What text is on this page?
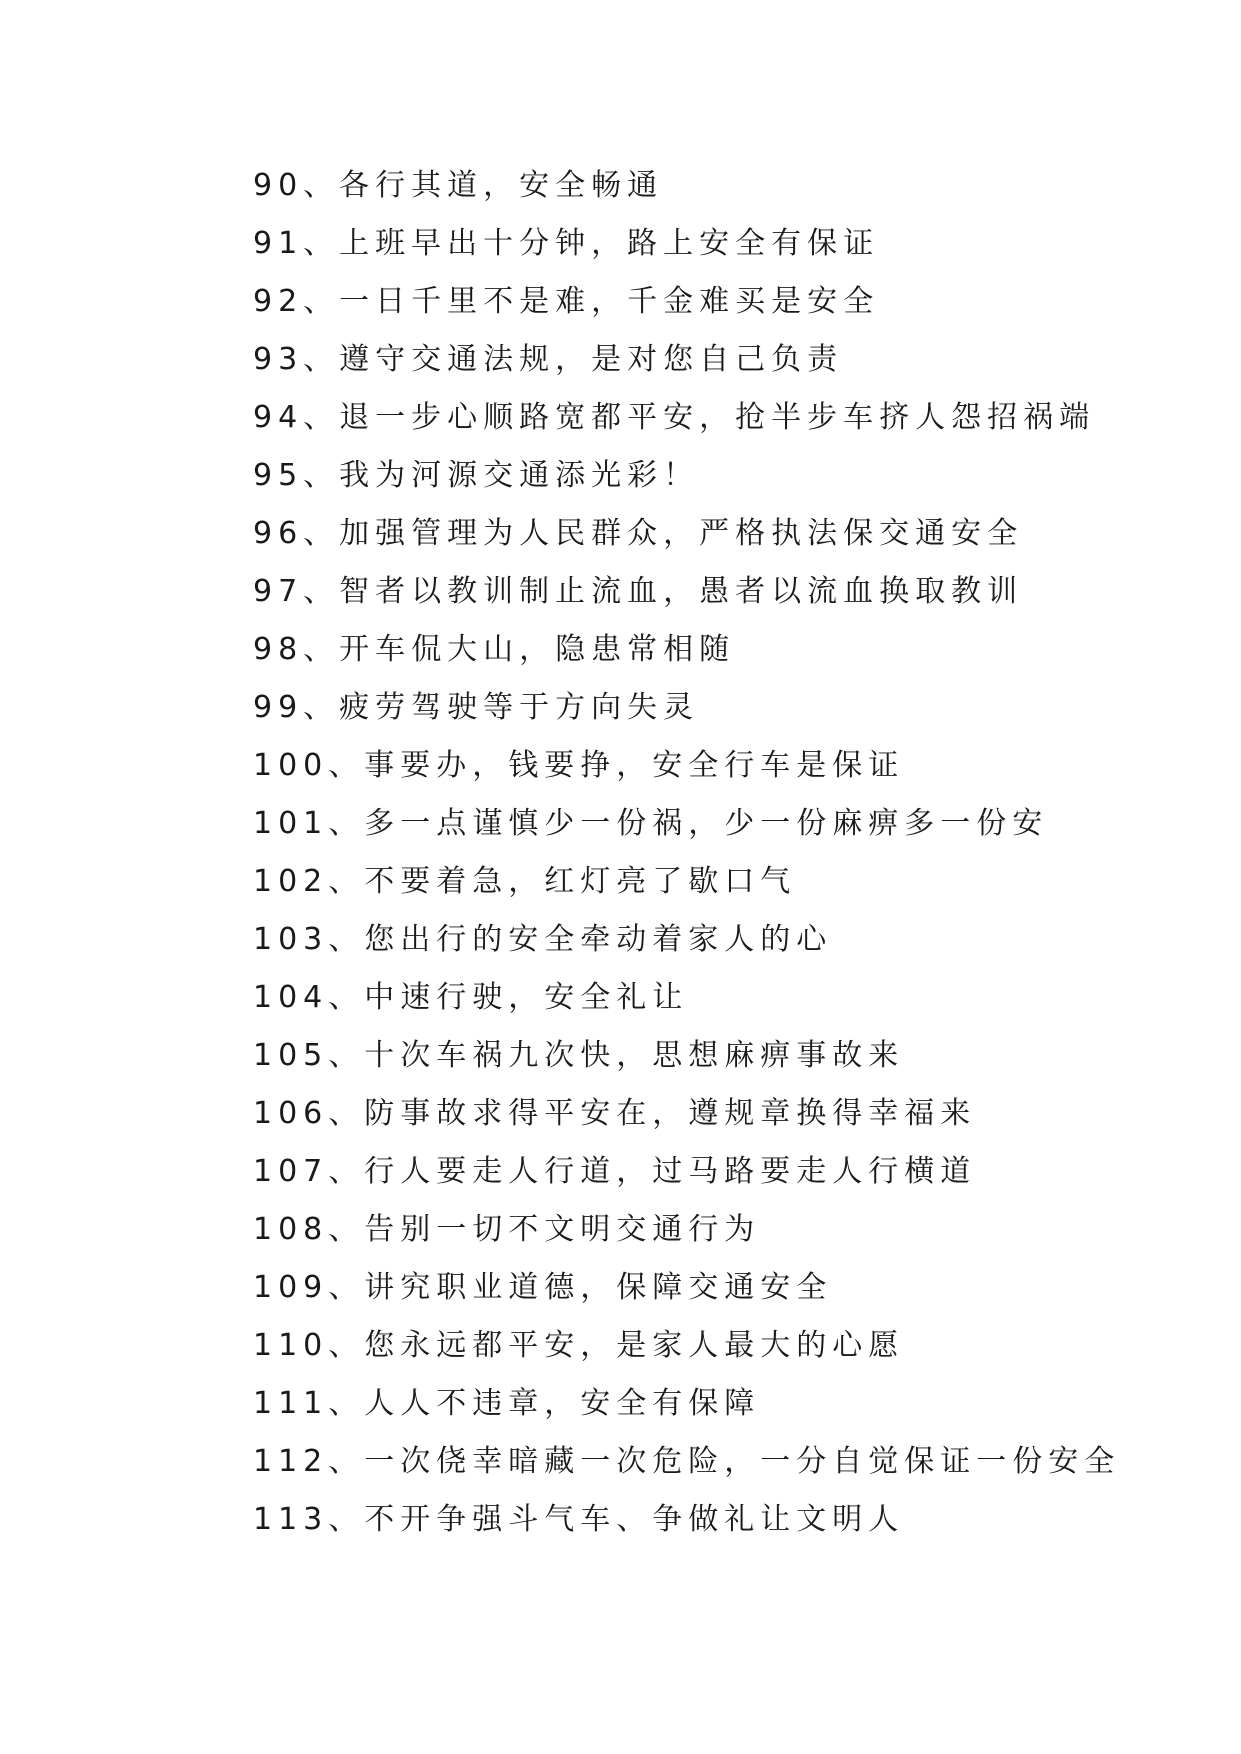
90、各行其道，安全畅通
91、上班早出十分钟，路上安全有保证
92、一日千里不是难，千金难买是安全
93、遵守交通法规，是对您自己负责
94、退一步心顺路宽都平安，抢半步车挤人怨招祸端
95、我为河源交通添光彩！
96、加强管理为人民群众，严格执法保交通安全
97、智者以教训制止流血，愚者以流血换取教训
98、开车侃大山，隐患常相随
99、疲劳驾驶等于方向失灵
100、事要办，钱要挣，安全行车是保证
101、多一点谨慎少一份祸，少一份麻痹多一份安
102、不要着急，红灯亮了歇口气
103、您出行的安全牵动着家人的心
104、中速行驶，安全礼让
105、十次车祸九次快，思想麻痹事故来
106、防事故求得平安在，遵规章换得幸福来
107、行人要走人行道，过马路要走人行横道
108、告别一切不文明交通行为
109、讲究职业道德，保障交通安全
110、您永远都平安，是家人最大的心愿
111、人人不违章，安全有保障
112、一次侥幸暗藏一次危险，一分自觉保证一份安全
113、不开争强斗气车、争做礼让文明人
